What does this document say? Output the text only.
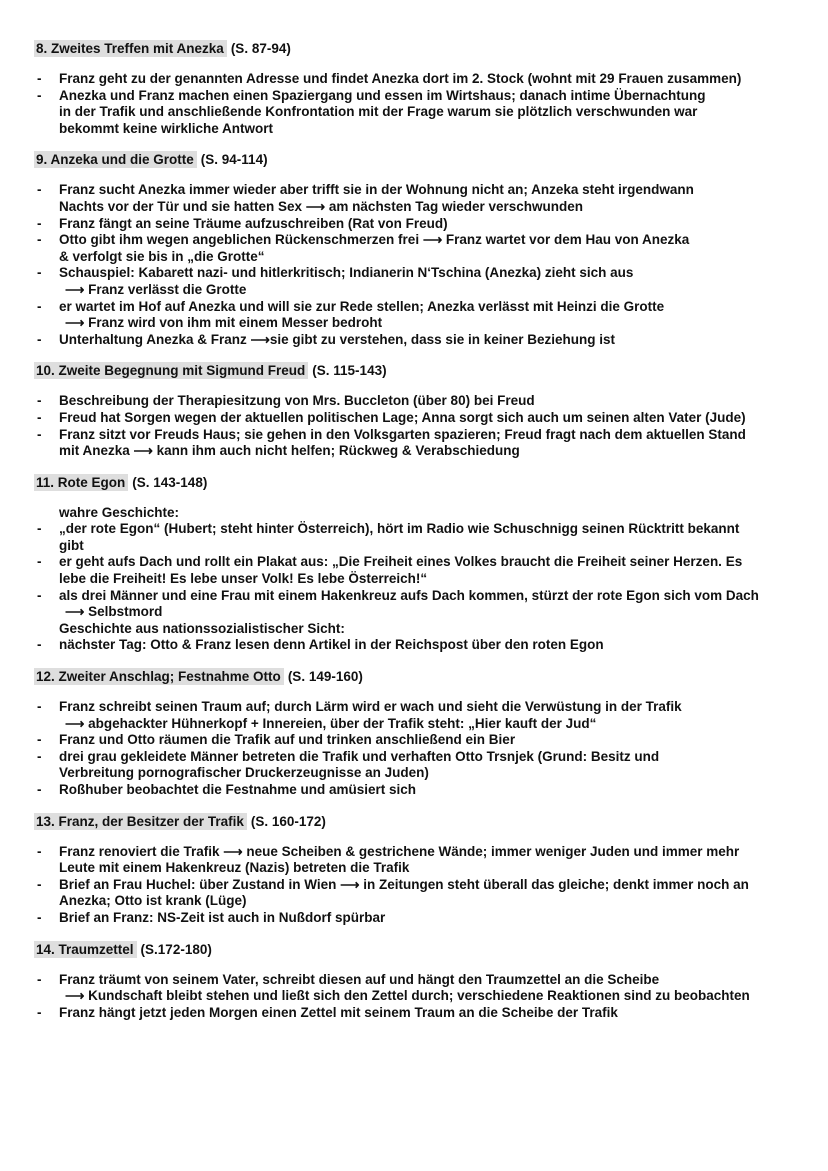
8. Zweites Treffen mit Anezka (S. 87-94)
- Franz geht zu der genannten Adresse und findet Anezka dort im 2. Stock (wohnt mit 29 Frauen zusammen)
- Anezka und Franz machen einen Spaziergang und essen im Wirtshaus; danach intime Übernachtung
in der Trafik und anschließende Konfrontation mit der Frage warum sie plötzlich verschwunden war
bekommt keine wirkliche Antwort
9. Anzeka und die Grotte (S. 94-114)
- Franz sucht Anezka immer wieder aber trifft sie in der Wohnung nicht an; Anzeka steht irgendwann
Nachts vor der Tür und sie hatten Sex ⟶ am nächsten Tag wieder verschwunden
- Franz fängt an seine Träume aufzuschreiben (Rat von Freud)
- Otto gibt ihm wegen angeblichen Rückenschmerzen frei ⟶ Franz wartet vor dem Hau von Anezka
& verfolgt sie bis in „die Grotte“
- Schauspiel: Kabarett nazi- und hitlerkritisch; Indianerin N‘Tschina (Anezka) zieht sich aus
⟶ Franz verlässt die Grotte
- er wartet im Hof auf Anezka und will sie zur Rede stellen; Anezka verlässt mit Heinzi die Grotte
⟶ Franz wird von ihm mit einem Messer bedroht
- Unterhaltung Anezka & Franz ⟶sie gibt zu verstehen, dass sie in keiner Beziehung ist
10. Zweite Begegnung mit Sigmund Freud (S. 115-143)
- Beschreibung der Therapiesitzung von Mrs. Buccleton (über 80) bei Freud
- Freud hat Sorgen wegen der aktuellen politischen Lage; Anna sorgt sich auch um seinen alten Vater (Jude)
- Franz sitzt vor Freuds Haus; sie gehen in den Volksgarten spazieren; Freud fragt nach dem aktuellen Stand
mit Anezka ⟶ kann ihm auch nicht helfen; Rückweg & Verabschiedung
11. Rote Egon (S. 143-148)
wahre Geschichte:
- „der rote Egon“ (Hubert; steht hinter Österreich), hört im Radio wie Schuschnigg seinen Rücktritt bekannt
gibt
- er geht aufs Dach und rollt ein Plakat aus: „Die Freiheit eines Volkes braucht die Freiheit seiner Herzen. Es
lebe die Freiheit! Es lebe unser Volk! Es lebe Österreich!“
- als drei Männer und eine Frau mit einem Hakenkreuz aufs Dach kommen, stürzt der rote Egon sich vom Dach
⟶ Selbstmord
Geschichte aus nationssozialistischer Sicht:
- nächster Tag: Otto & Franz lesen denn Artikel in der Reichspost über den roten Egon
12. Zweiter Anschlag; Festnahme Otto (S. 149-160)
- Franz schreibt seinen Traum auf; durch Lärm wird er wach und sieht die Verwüstung in der Trafik
⟶ abgehackter Hühnerkopf + Innereien, über der Trafik steht: „Hier kauft der Jud“
- Franz und Otto räumen die Trafik auf und trinken anschließend ein Bier
- drei grau gekleidete Männer betreten die Trafik und verhaften Otto Trsnjek (Grund: Besitz und
Verbreitung pornografischer Druckerzeugnisse an Juden)
- Roßhuber beobachtet die Festnahme und amüsiert sich
13. Franz, der Besitzer der Trafik (S. 160-172)
- Franz renoviert die Trafik ⟶ neue Scheiben & gestrichene Wände; immer weniger Juden und immer mehr
Leute mit einem Hakenkreuz (Nazis) betreten die Trafik
- Brief an Frau Huchel: über Zustand in Wien ⟶ in Zeitungen steht überall das gleiche; denkt immer noch an
Anezka; Otto ist krank (Lüge)
- Brief an Franz: NS-Zeit ist auch in Nußdorf spürbar
14. Traumzettel (S.172-180)
- Franz träumt von seinem Vater, schreibt diesen auf und hängt den Traumzettel an die Scheibe
⟶ Kundschaft bleibt stehen und ließt sich den Zettel durch; verschiedene Reaktionen sind zu beobachten
- Franz hängt jetzt jeden Morgen einen Zettel mit seinem Traum an die Scheibe der Trafik
